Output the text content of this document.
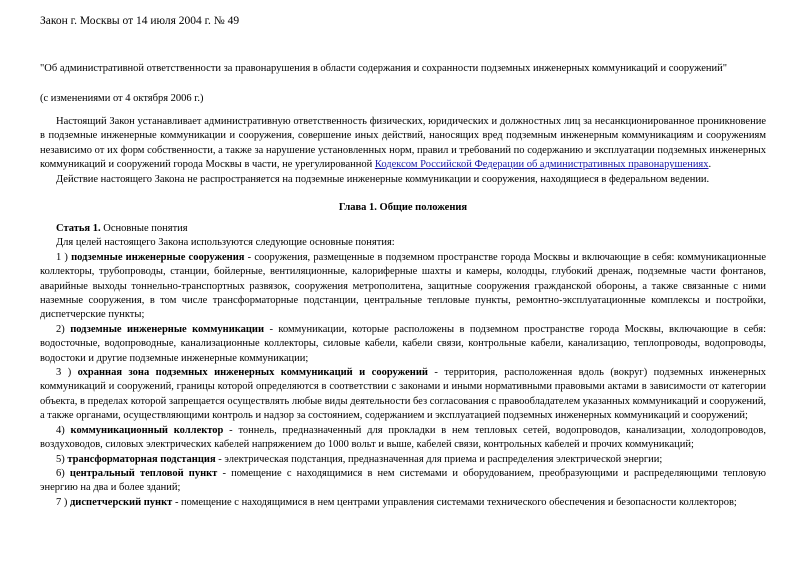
Закон г. Москвы от 14 июля 2004 г. № 49
"Об административной ответственности за правонарушения в области содержания и сохранности подземных инженерных коммуникаций и сооружений"
(с изменениями от 4 октября 2006 г.)

Настоящий Закон устанавливает административную ответственность физических, юридических и должностных лиц за несанкционированное проникновение в подземные инженерные коммуникации и сооружения, совершение иных действий, наносящих вред подземным инженерным коммуникациям и сооружениям независимо от их форм собственности, а также за нарушение установленных норм, правил и требований по содержанию и эксплуатации подземных инженерных коммуникаций и сооружений города Москвы в части, не урегулированной Кодексом Российской Федерации об административных правонарушениях.

Действие настоящего Закона не распространяется на подземные инженерные коммуникации и сооружения, находящиеся в федеральном ведении.

Глава 1. Общие положения

Статья 1. Основные понятия

Для целей настоящего Закона используются следующие основные понятия:

1 ) подземные инженерные сооружения - сооружения, размещенные в подземном пространстве города Москвы и включающие в себя: коммуникационные коллекторы, трубопроводы, станции, бойлерные, вентиляционные, калориферные шахты и камеры, колодцы, глубокий дренаж, подземные части фонтанов, аварийные выходы тоннельно-транспортных развязок, сооружения метрополитена, защитные сооружения гражданской обороны, а также связанные с ними наземные сооружения, в том числе трансформаторные подстанции, центральные тепловые пункты, ремонтно-эксплуатационные комплексы и постройки, диспетчерские пункты;

2) подземные инженерные коммуникации - коммуникации, которые расположены в подземном пространстве города Москвы, включающие в себя: водосточные, водопроводные, канализационные коллекторы, силовые кабели, кабели связи, контрольные кабели, канализацию, теплопроводы, водопроводы, водостоки и другие подземные инженерные коммуникации;

3 ) охранная зона подземных инженерных коммуникаций и сооружений - территория, расположенная вдоль (вокруг) подземных инженерных коммуникаций и сооружений, границы которой определяются в соответствии с законами и иными нормативными правовыми актами в зависимости от категории объекта, в пределах которой запрещается осуществлять любые виды деятельности без согласования с правообладателем указанных коммуникаций и сооружений, а также органами, осуществляющими контроль и надзор за состоянием, содержанием и эксплуатацией подземных инженерных коммуникаций и сооружений;

4) коммуникационный коллектор - тоннель, предназначенный для прокладки в нем тепловых сетей, водопроводов, канализации, холодопроводов, воздуховодов, силовых электрических кабелей напряжением до 1000 вольт и выше, кабелей связи, контрольных кабелей и прочих коммуникаций;

5) трансформаторная подстанция - электрическая подстанция, предназначенная для приема и распределения электрической энергии;

6) центральный тепловой пункт - помещение с находящимися в нем системами и оборудованием, преобразующими и распределяющими тепловую энергию на два и более зданий;

7 ) диспетчерский пункт - помещение с находящимися в нем центрами управления системами технического обеспечения и безопасности коллекторов;
